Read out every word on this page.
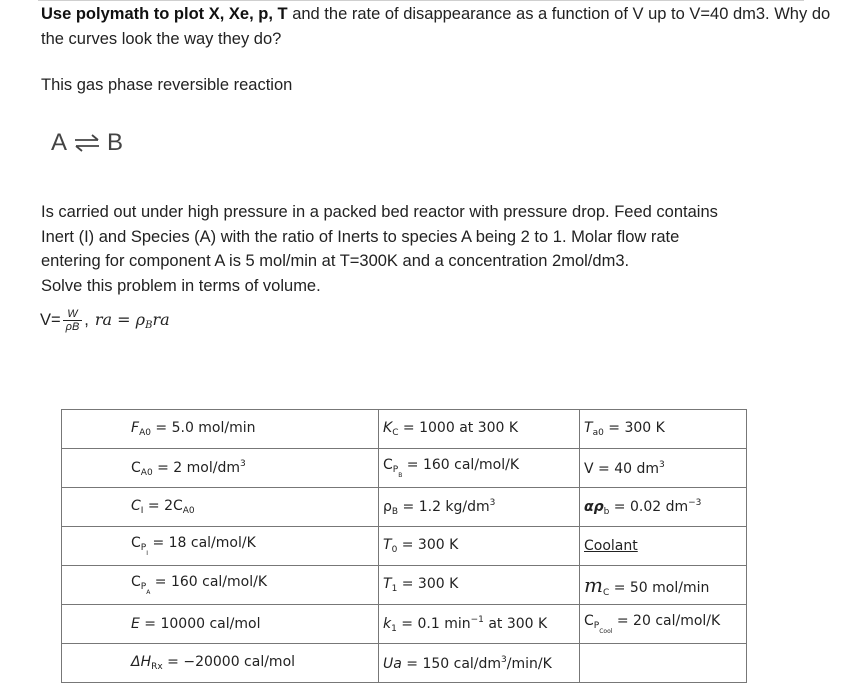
Use polymath to plot X, Xe, p, T and the rate of disappearance as a function of V up to V=40 dm3. Why do the curves look the way they do?
This gas phase reversible reaction
A ⇌ B
Is carried out under high pressure in a packed bed reactor with pressure drop. Feed contains
Inert (I) and Species (A) with the ratio of Inerts to species A being 2 to 1. Molar flow rate
entering for component A is 5 mol/min at T=300K and a concentration 2mol/dm3.
Solve this problem in terms of volume.
$V= \frac{W}{\rho B}$ , ra = $\rho_Bra$
$F_{A0} = 5.0$ mol/min	$K_C = 1000$ at 300 K	$T_{a0} = 300$ K
$C_{A0} = 2$ mol/$dm^3$	$C_{P_B} = 160$ cal/mol/K	V = 40 $dm^3$
$C_I = 2C_{A0}$	$\rho_B = 1.2$ $kg/dm^3$	$\alpha\rho_b = 0.02$ $dm^{-3}$
$C_{P_I} = 18$ cal/mol/K	$T_0 = 300$ K	Coolant
$C_{P_A} = 160$ cal/mol/K	$T_1 = 300$ K	$m_C = 50$ mol/min
E = 10000 cal/mol	$k_1 = 0.1$ $\min^{-1}$ at 300 K	$C_{P_{Cool}} = 20$ cal/mol/K
$\Delta H_{Rx} = -20000$ cal/mol	Ua = 150 cal/$dm^3/\min/K$	
